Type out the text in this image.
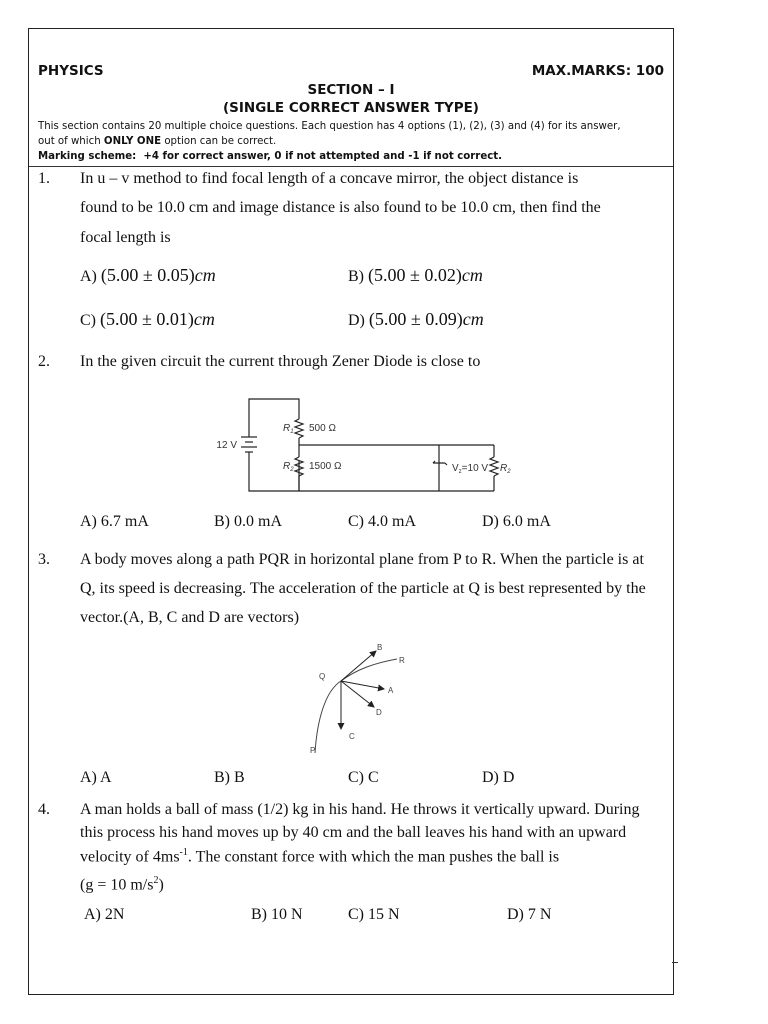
PHYSICS	MAX.MARKS: 100
SECTION – I
(SINGLE CORRECT ANSWER TYPE)
This section contains 20 multiple choice questions. Each question has 4 options (1), (2), (3) and (4) for its answer,
out of which ONLY ONE option can be correct.
Marking scheme: +4 for correct answer, 0 if not attempted and -1 if not correct.
1. In u – v method to find focal length of a concave mirror, the object distance is
found to be 10.0 cm and image distance is also found to be 10.0 cm, then find the
focal length is
A) (5.00 ± 0.05)cm	B) (5.00 ± 0.02)cm
C) (5.00 ± 0.01)cm	D) (5.00 ± 0.09)cm
2. In the given circuit the current through Zener Diode is close to
12 V
$R_1$ 500 Ω
$R_2$ 1500 Ω	$V_z=10$ V $R_2$
A) 6.7 mA	B) 0.0 mA	C) 4.0 mA	D) 6.0 mA
3. A body moves along a path PQR in horizontal plane from P to R. When the particle is at
Q, its speed is decreasing. The acceleration of the particle at Q is best represented by the
vector.(A, B, C and D are vectors)
Q
P
R
B
A
D
C
A) A	B) B	C) C	D) D
4. A man holds a ball of mass (1/2) kg in his hand. He throws it vertically upward. During
this process his hand moves up by 40 cm and the ball leaves his hand with an upward
velocity of $4ms^{-1}$. The constant force with which the man pushes the ball is
(g = 10 $m/s^2$)
A) 2N	B) 10 N	C) 15 N	D) 7 N
